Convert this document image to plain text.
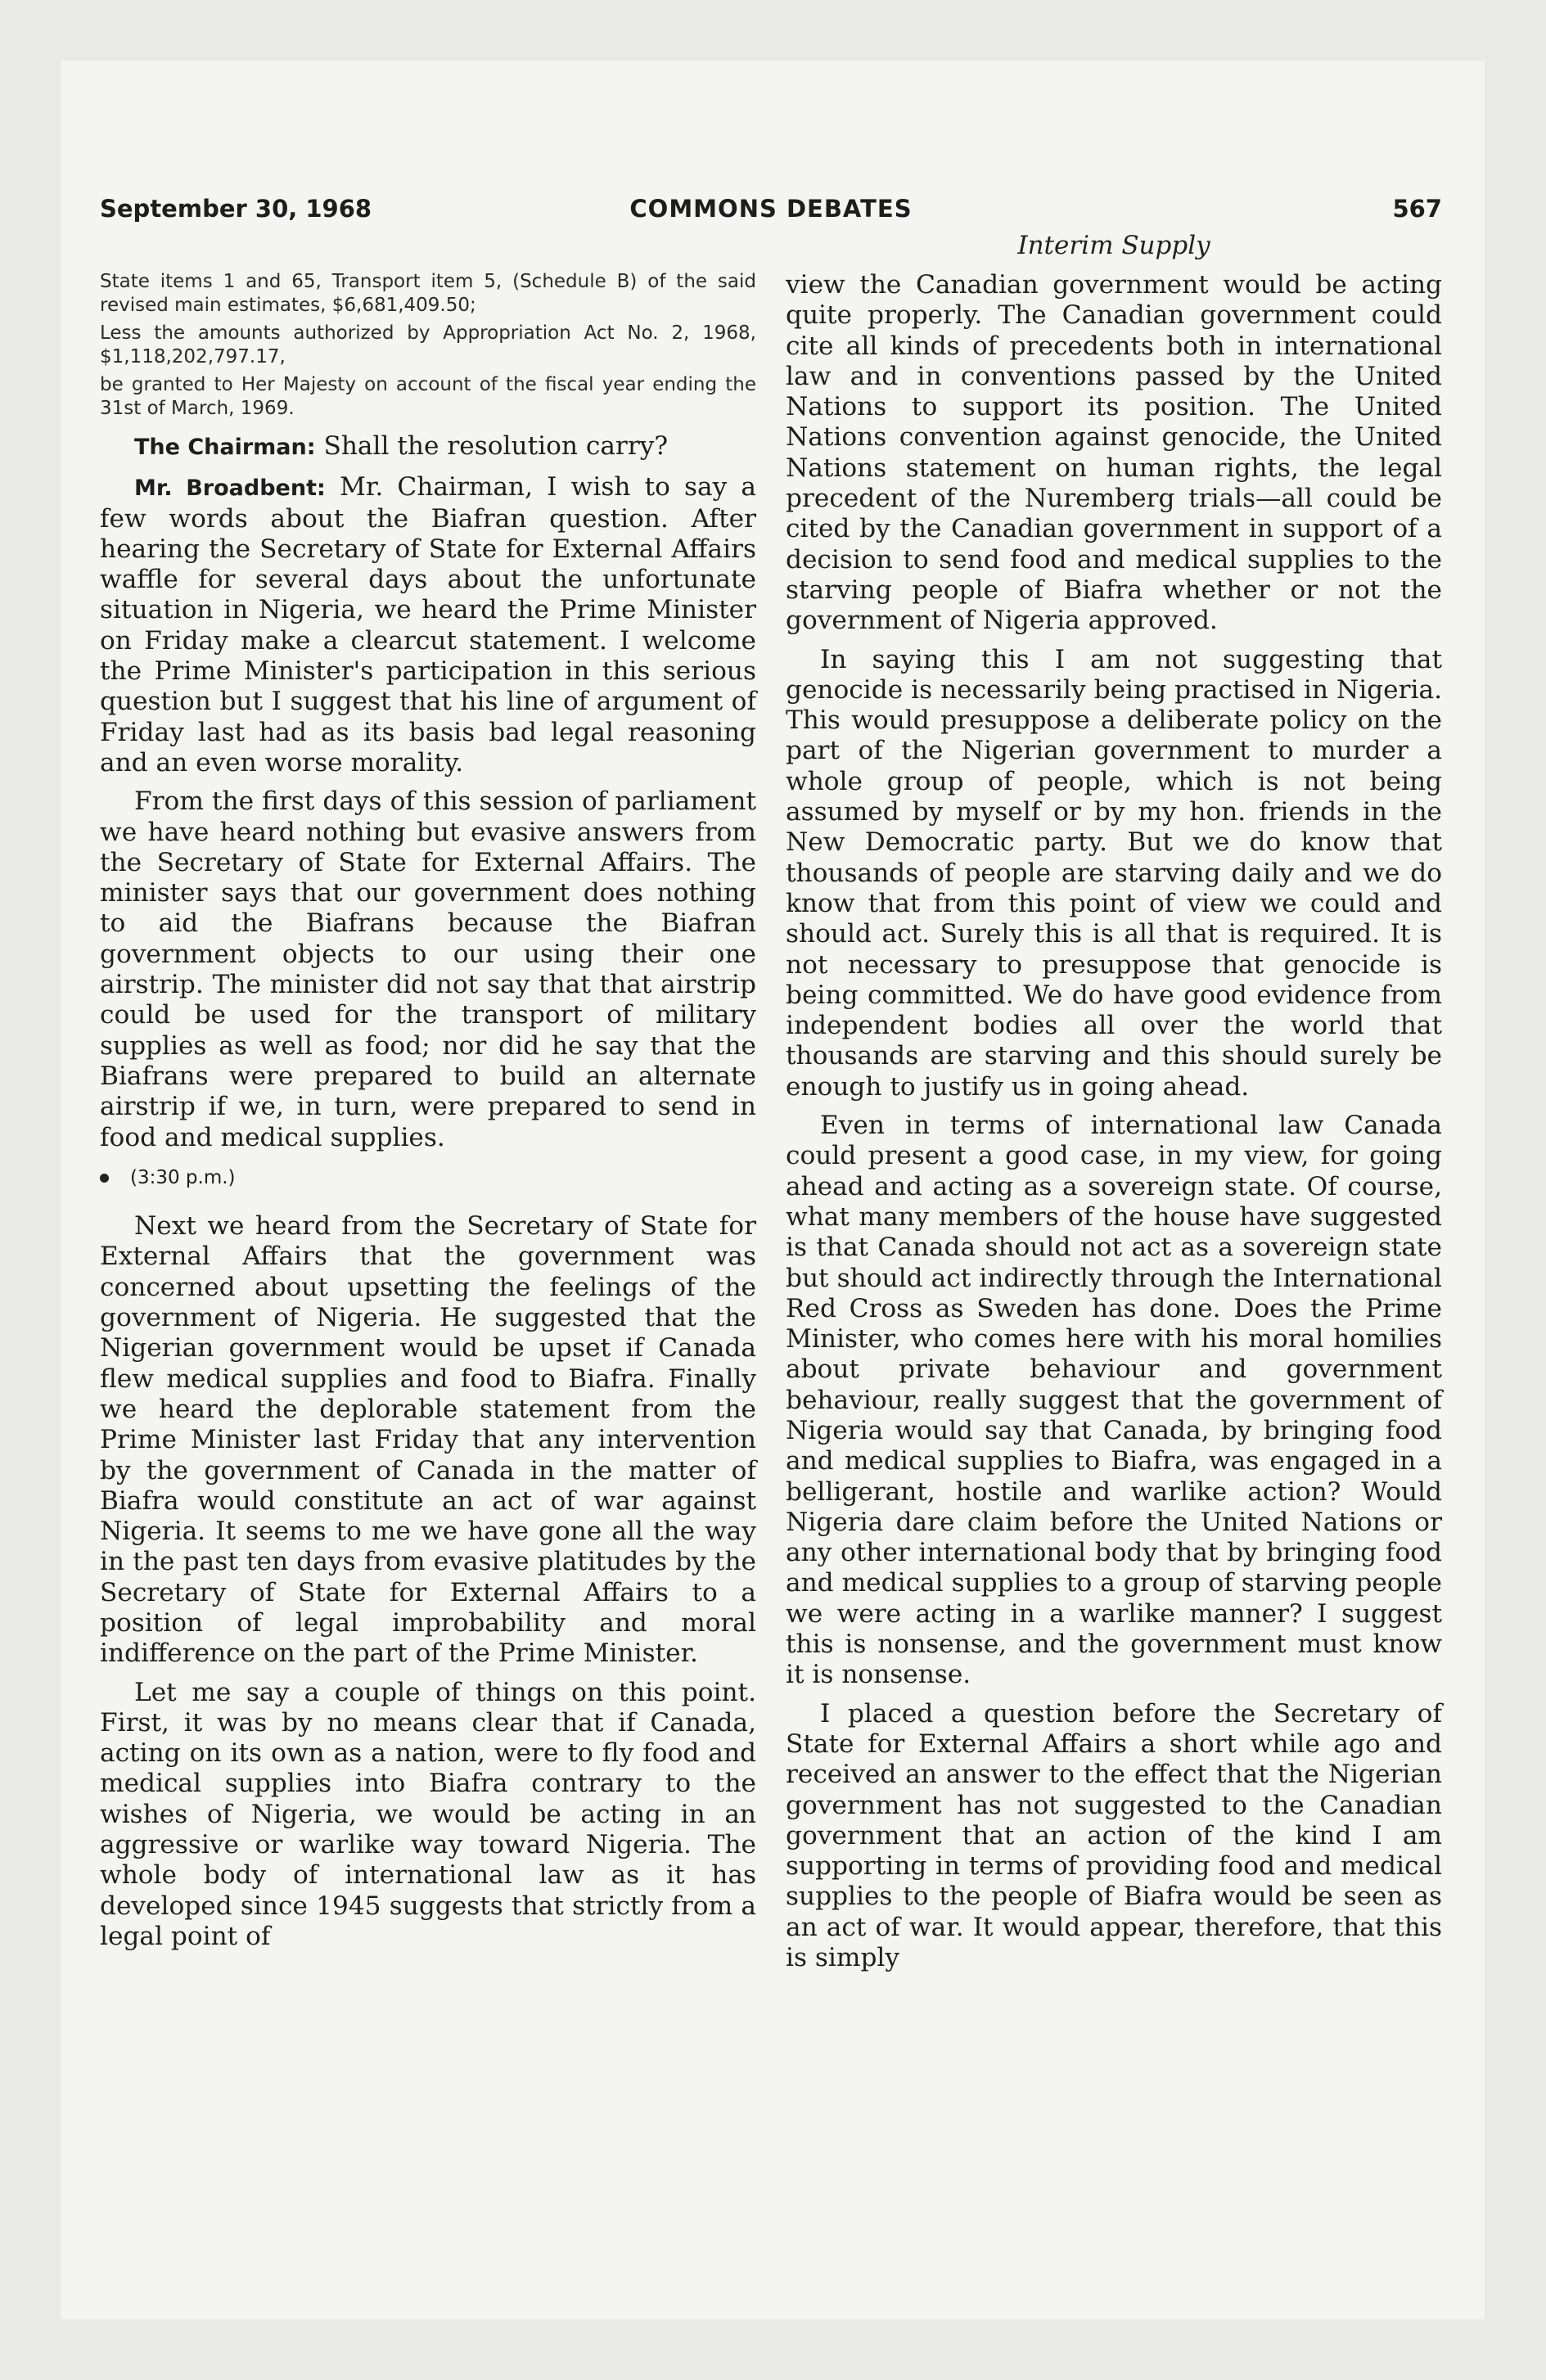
September 30, 1968	COMMONS DEBATES	567
Interim Supply

State items 1 and 65, Transport item 5, (Schedule B) of the said revised main estimates, $6,681,409.50;

Less the amounts authorized by Appropriation Act No. 2, 1968, $1,118,202,797.17,

be granted to Her Majesty on account of the fiscal year ending the 31st of March, 1969.

The Chairman: Shall the resolution carry?

Mr. Broadbent: Mr. Chairman, I wish to say a few words about the Biafran question. After hearing the Secretary of State for External Affairs waffle for several days about the unfortunate situation in Nigeria, we heard the Prime Minister on Friday make a clearcut statement. I welcome the Prime Minister's participation in this serious question but I suggest that his line of argument of Friday last had as its basis bad legal reasoning and an even worse morality.

From the first days of this session of parliament we have heard nothing but evasive answers from the Secretary of State for External Affairs. The minister says that our government does nothing to aid the Biafrans because the Biafran government objects to our using their one airstrip. The minister did not say that that airstrip could be used for the transport of military supplies as well as food; nor did he say that the Biafrans were prepared to build an alternate airstrip if we, in turn, were prepared to send in food and medical supplies.

(3:30 p.m.)

Next we heard from the Secretary of State for External Affairs that the government was concerned about upsetting the feelings of the government of Nigeria. He suggested that the Nigerian government would be upset if Canada flew medical supplies and food to Biafra. Finally we heard the deplorable statement from the Prime Minister last Friday that any intervention by the government of Canada in the matter of Biafra would constitute an act of war against Nigeria. It seems to me we have gone all the way in the past ten days from evasive platitudes by the Secretary of State for External Affairs to a position of legal improbability and moral indifference on the part of the Prime Minister.

Let me say a couple of things on this point. First, it was by no means clear that if Canada, acting on its own as a nation, were to fly food and medical supplies into Biafra contrary to the wishes of Nigeria, we would be acting in an aggressive or warlike way toward Nigeria. The whole body of international law as it has developed since 1945 suggests that strictly from a legal point of

view the Canadian government would be acting quite properly. The Canadian government could cite all kinds of precedents both in international law and in conventions passed by the United Nations to support its position. The United Nations convention against genocide, the United Nations statement on human rights, the legal precedent of the Nuremberg trials—all could be cited by the Canadian government in support of a decision to send food and medical supplies to the starving people of Biafra whether or not the government of Nigeria approved.

In saying this I am not suggesting that genocide is necessarily being practised in Nigeria. This would presuppose a deliberate policy on the part of the Nigerian government to murder a whole group of people, which is not being assumed by myself or by my hon. friends in the New Democratic party. But we do know that thousands of people are starving daily and we do know that from this point of view we could and should act. Surely this is all that is required. It is not necessary to presuppose that genocide is being committed. We do have good evidence from independent bodies all over the world that thousands are starving and this should surely be enough to justify us in going ahead.

Even in terms of international law Canada could present a good case, in my view, for going ahead and acting as a sovereign state. Of course, what many members of the house have suggested is that Canada should not act as a sovereign state but should act indirectly through the International Red Cross as Sweden has done. Does the Prime Minister, who comes here with his moral homilies about private behaviour and government behaviour, really suggest that the government of Nigeria would say that Canada, by bringing food and medical supplies to Biafra, was engaged in a belligerant, hostile and warlike action? Would Nigeria dare claim before the United Nations or any other international body that by bringing food and medical supplies to a group of starving people we were acting in a warlike manner? I suggest this is nonsense, and the government must know it is nonsense.

I placed a question before the Secretary of State for External Affairs a short while ago and received an answer to the effect that the Nigerian government has not suggested to the Canadian government that an action of the kind I am supporting in terms of providing food and medical supplies to the people of Biafra would be seen as an act of war. It would appear, therefore, that this is simply
